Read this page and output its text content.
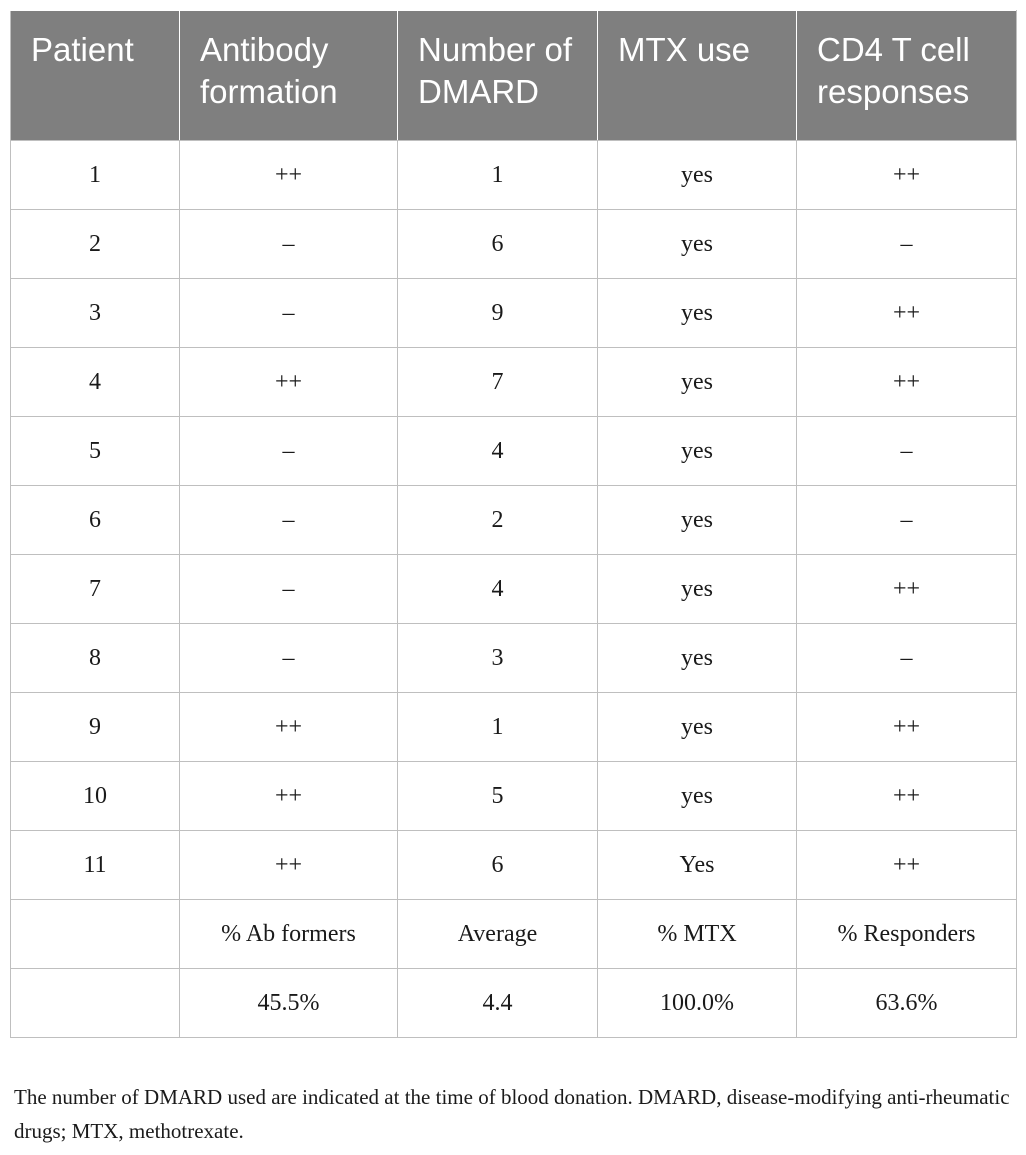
Patient	Antibody formation	Number of DMARD	MTX use	CD4 T cell responses
1	++	1	yes	++
2	–	6	yes	–
3	–	9	yes	++
4	++	7	yes	++
5	–	4	yes	–
6	–	2	yes	–
7	–	4	yes	++
8	–	3	yes	–
9	++	1	yes	++
10	++	5	yes	++
11	++	6	Yes	++
	% Ab formers	Average	% MTX	% Responders
	45.5%	4.4	100.0%	63.6%
The number of DMARD used are indicated at the time of blood donation. DMARD, disease-modifying anti-rheumatic drugs; MTX, methotrexate.
